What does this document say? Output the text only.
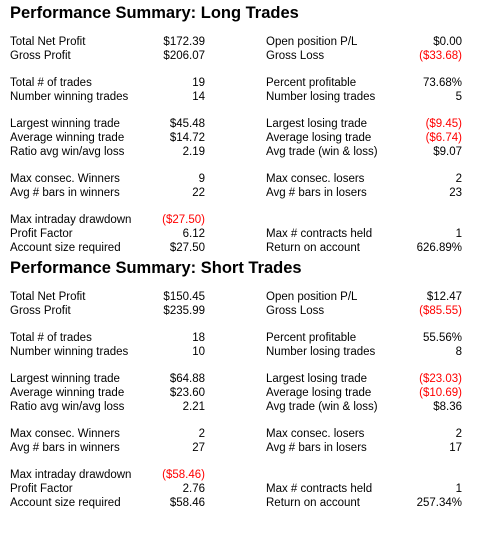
Performance Summary: Long Trades
Total Net Profit	$172.39	Open position P/L	$0.00
Gross Profit	$206.07	Gross Loss	($33.68)
Total # of trades	19	Percent profitable	73.68%
Number winning trades	14	Number losing trades	5
Largest winning trade	$45.48	Largest losing trade	($9.45)
Average winning trade	$14.72	Average losing trade	($6.74)
Ratio avg win/avg loss	2.19	Avg trade (win & loss)	$9.07
Max consec. Winners	9	Max consec. losers	2
Avg # bars in winners	22	Avg # bars in losers	23
Max intraday drawdown	($27.50)
Profit Factor	6.12	Max # contracts held	1
Account size required	$27.50	Return on account	626.89%
Performance Summary: Short Trades
Total Net Profit	$150.45	Open position P/L	$12.47
Gross Profit	$235.99	Gross Loss	($85.55)
Total # of trades	18	Percent profitable	55.56%
Number winning trades	10	Number losing trades	8
Largest winning trade	$64.88	Largest losing trade	($23.03)
Average winning trade	$23.60	Average losing trade	($10.69)
Ratio avg win/avg loss	2.21	Avg trade (win & loss)	$8.36
Max consec. Winners	2	Max consec. losers	2
Avg # bars in winners	27	Avg # bars in losers	17
Max intraday drawdown	($58.46)
Profit Factor	2.76	Max # contracts held	1
Account size required	$58.46	Return on account	257.34%
